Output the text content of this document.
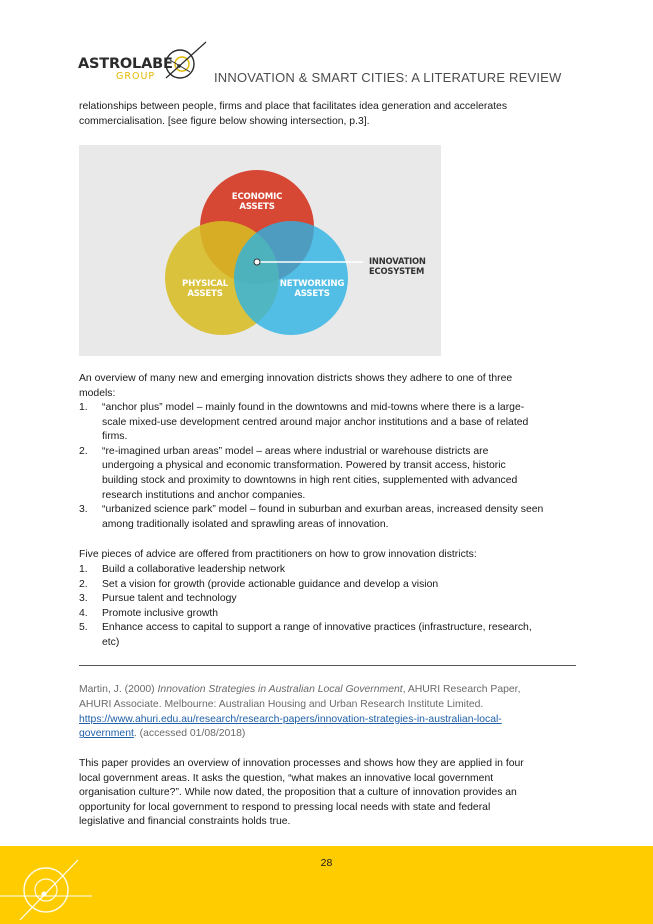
ASTROLABE
GROUP	INNOVATION & SMART CITIES: A LITERATURE REVIEW
relationships between people, firms and place that facilitates idea generation and accelerates
commercialisation. [see figure below showing intersection, p.3].
ECONOMIC
ASSETS
PHYSICAL
ASSETS
NETWORKING
ASSETS
INNOVATION
ECOSYSTEM
An overview of many new and emerging innovation districts shows they adhere to one of three
models:
1. “anchor plus” model – mainly found in the downtowns and mid-towns where there is a large-
scale mixed-use development centred around major anchor institutions and a base of related
firms.
2. “re-imagined urban areas” model – areas where industrial or warehouse districts are
undergoing a physical and economic transformation. Powered by transit access, historic
building stock and proximity to downtowns in high rent cities, supplemented with advanced
research institutions and anchor companies.
3. “urbanized science park” model – found in suburban and exurban areas, increased density seen
among traditionally isolated and sprawling areas of innovation.
Five pieces of advice are offered from practitioners on how to grow innovation districts:
1. Build a collaborative leadership network
2. Set a vision for growth (provide actionable guidance and develop a vision
3. Pursue talent and technology
4. Promote inclusive growth
5. Enhance access to capital to support a range of innovative practices (infrastructure, research,
etc)
Martin, J. (2000) Innovation Strategies in Australian Local Government, AHURI Research Paper,
AHURI Associate. Melbourne: Australian Housing and Urban Research Institute Limited.
https://www.ahuri.edu.au/research/research-papers/innovation-strategies-in-australian-local-
government. (accessed 01/08/2018)
This paper provides an overview of innovation processes and shows how they are applied in four
local government areas. It asks the question, “what makes an innovative local government
organisation culture?”. While now dated, the proposition that a culture of innovation provides an
opportunity for local government to respond to pressing local needs with state and federal
legislative and financial constraints holds true.
28
